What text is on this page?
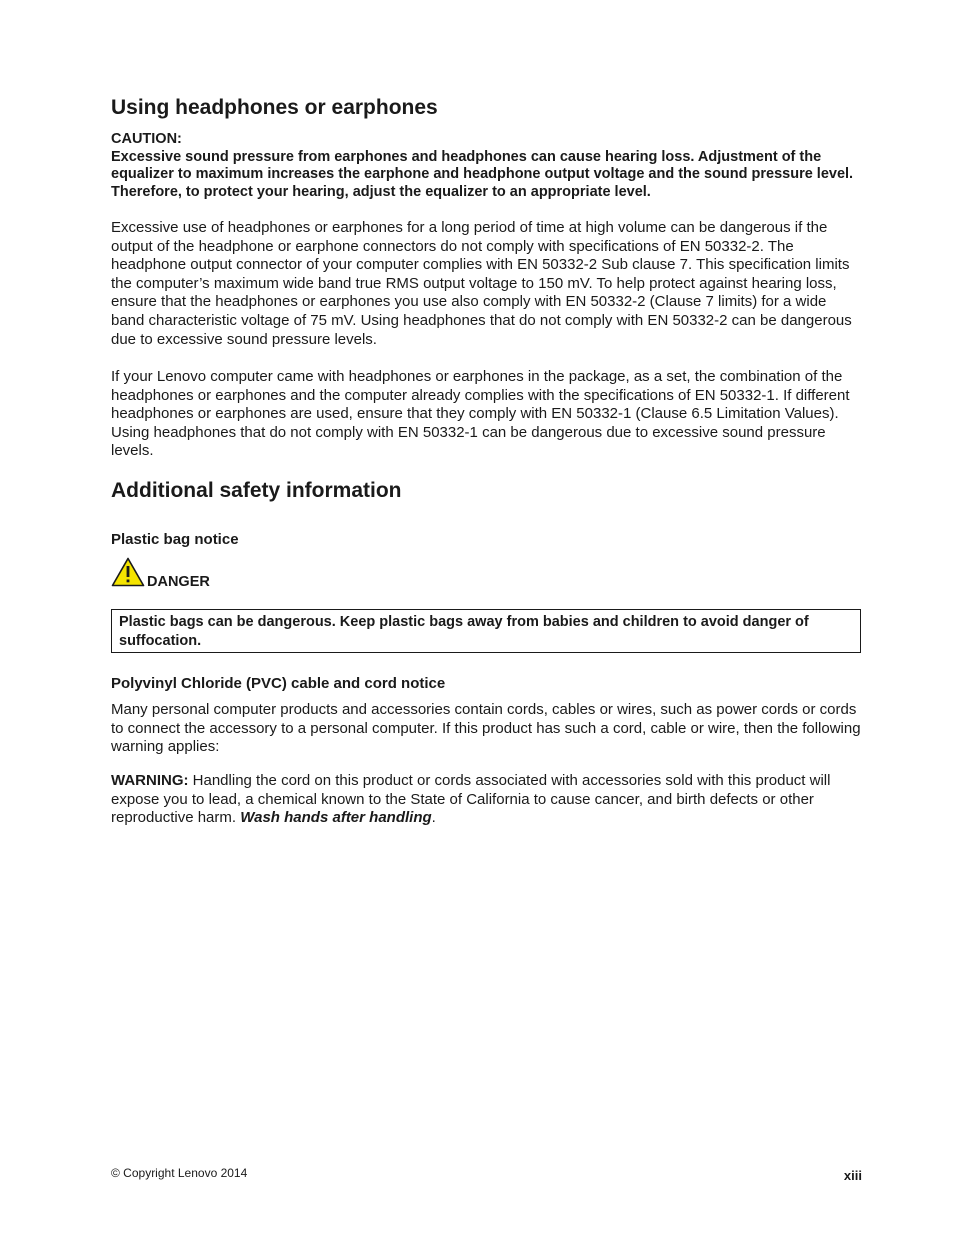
Using headphones or earphones
CAUTION:
Excessive sound pressure from earphones and headphones can cause hearing loss. Adjustment of the equalizer to maximum increases the earphone and headphone output voltage and the sound pressure level. Therefore, to protect your hearing, adjust the equalizer to an appropriate level.

Excessive use of headphones or earphones for a long period of time at high volume can be dangerous if the output of the headphone or earphone connectors do not comply with specifications of EN 50332-2. The headphone output connector of your computer complies with EN 50332-2 Sub clause 7. This specification limits the computer’s maximum wide band true RMS output voltage to 150 mV. To help protect against hearing loss, ensure that the headphones or earphones you use also comply with EN 50332-2 (Clause 7 limits) for a wide band characteristic voltage of 75 mV. Using headphones that do not comply with EN 50332-2 can be dangerous due to excessive sound pressure levels.

If your Lenovo computer came with headphones or earphones in the package, as a set, the combination of the headphones or earphones and the computer already complies with the specifications of EN 50332-1. If different headphones or earphones are used, ensure that they comply with EN 50332-1 (Clause 6.5 Limitation Values). Using headphones that do not comply with EN 50332-1 can be dangerous due to excessive sound pressure levels.

Additional safety information
Plastic bag notice
DANGER
Plastic bags can be dangerous. Keep plastic bags away from babies and children to avoid danger of suffocation.
Polyvinyl Chloride (PVC) cable and cord notice

Many personal computer products and accessories contain cords, cables or wires, such as power cords or cords to connect the accessory to a personal computer. If this product has such a cord, cable or wire, then the following warning applies:

WARNING: Handling the cord on this product or cords associated with accessories sold with this product will expose you to lead, a chemical known to the State of California to cause cancer, and birth defects or other reproductive harm. Wash hands after handling.

© Copyright Lenovo 2014	xiii
